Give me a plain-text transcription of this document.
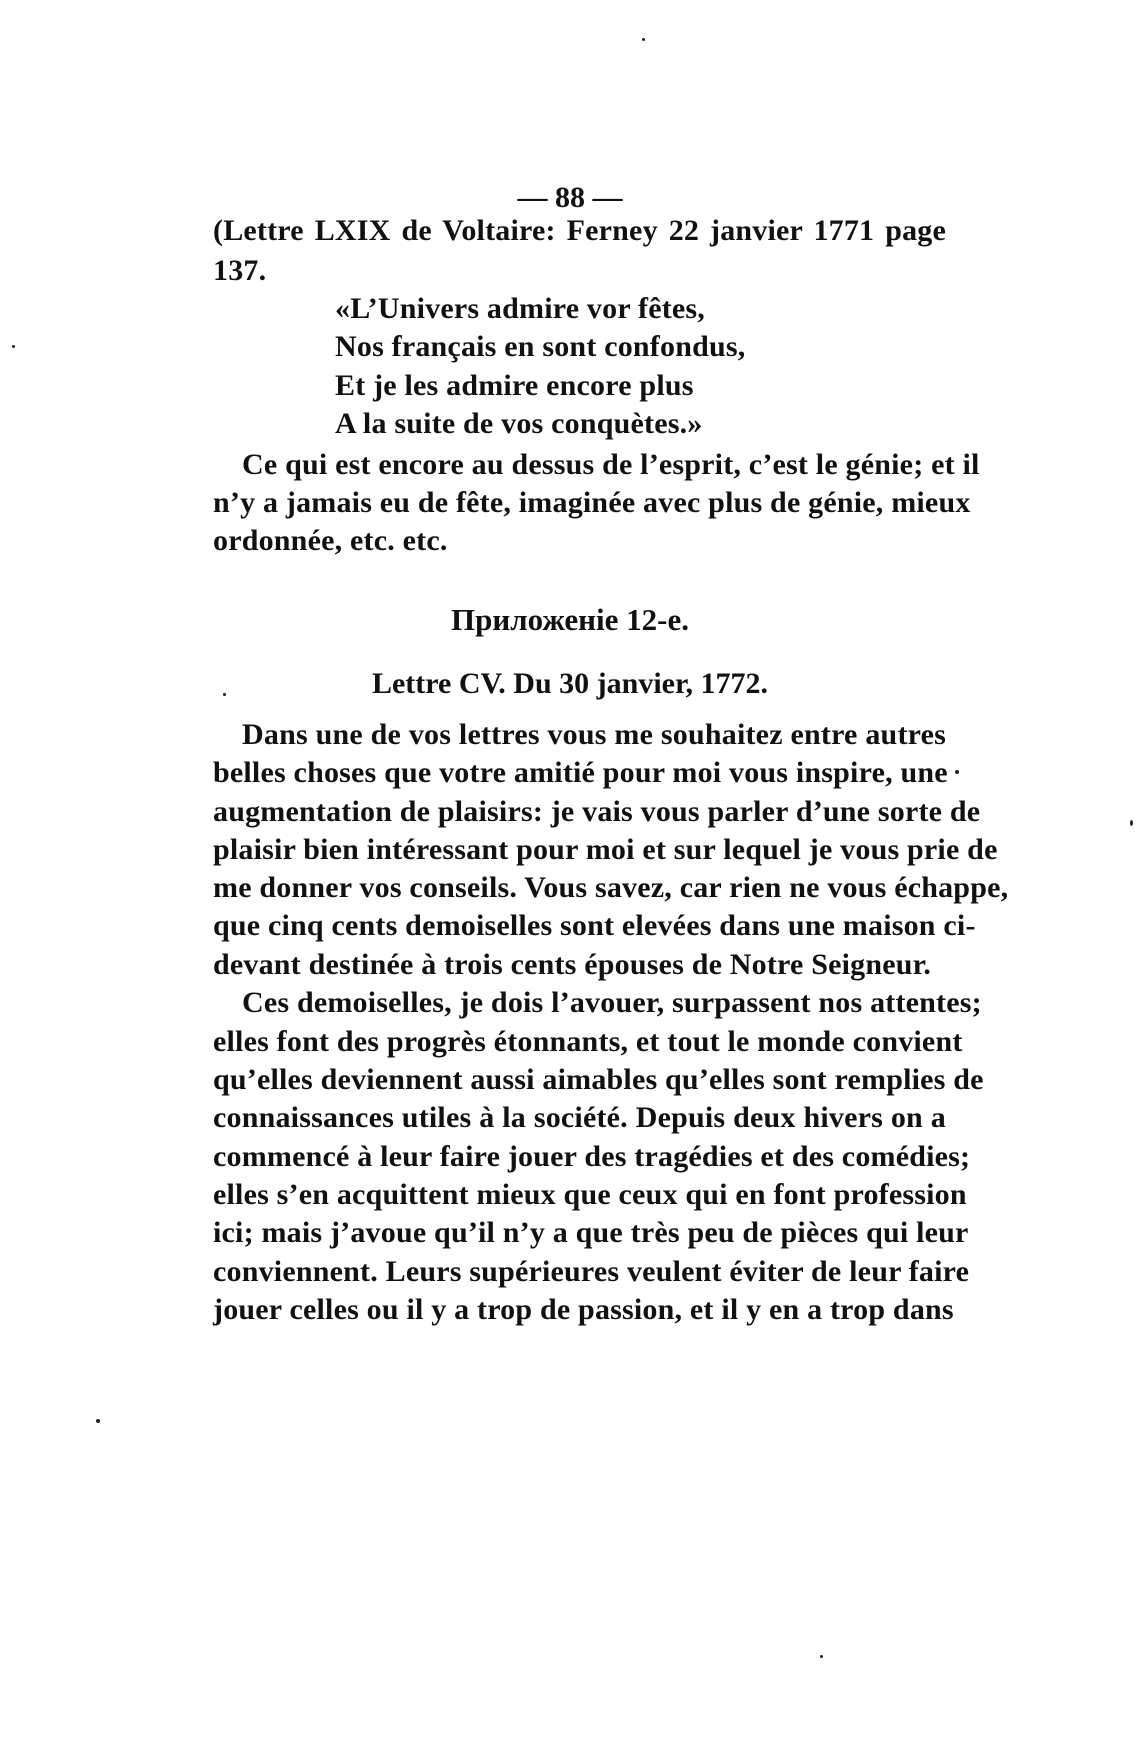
— 88 —
(Lettre LXIX de Voltaire: Ferney 22 janvier 1771 page
137.
«L’Univers admire vor fêtes,
Nos français en sont confondus,
Et je les admire encore plus
A la suite de vos conquètes.»
Ce qui est encore au dessus de l’esprit, c’est le génie; et il
n’y a jamais eu de fête, imaginée avec plus de génie, mieux
ordonnée, etc. etc.
Приложеніе 12-е.
Lettre CV. Du 30 janvier, 1772.
Dans une de vos lettres vous me souhaitez entre autres
belles choses que votre amitié pour moi vous inspire, une
augmentation de plaisirs: je vais vous parler d’une sorte de
plaisir bien intéressant pour moi et sur lequel je vous prie de
me donner vos conseils. Vous savez, car rien ne vous échappe,
que cinq cents demoiselles sont elevées dans une maison ci-
devant destinée à trois cents épouses de Notre Seigneur.
Ces demoiselles, je dois l’avouer, surpassent nos attentes;
elles font des progrès étonnants, et tout le monde convient
qu’elles deviennent aussi aimables qu’elles sont remplies de
connaissances utiles à la société. Depuis deux hivers on a
commencé à leur faire jouer des tragédies et des comédies;
elles s’en acquittent mieux que ceux qui en font profession
ici; mais j’avoue qu’il n’y a que très peu de pièces qui leur
conviennent. Leurs supérieures veulent éviter de leur faire
jouer celles ou il y a trop de passion, et il y en a trop dans
